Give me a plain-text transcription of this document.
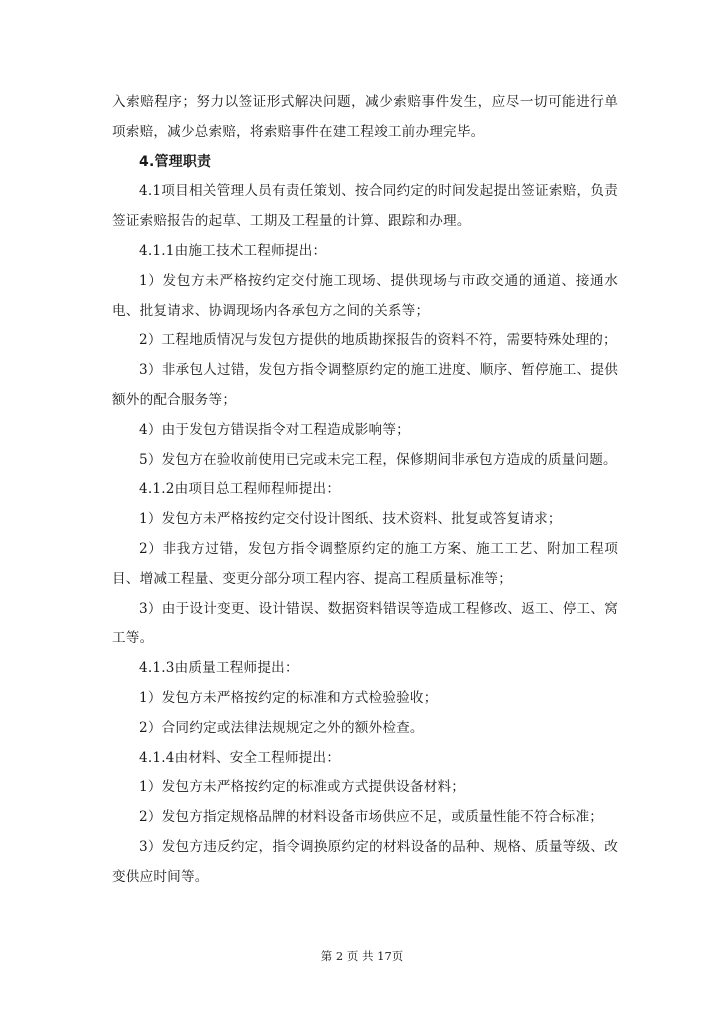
入索赔程序；努力以签证形式解决问题，减少索赔事件发生，应尽一切可能进行单项索赔，减少总索赔，将索赔事件在建工程竣工前办理完毕。

4.管理职责

4.1项目相关管理人员有责任策划、按合同约定的时间发起提出签证索赔，负责签证索赔报告的起草、工期及工程量的计算、跟踪和办理。

4.1.1由施工技术工程师提出：

1）发包方未严格按约定交付施工现场、提供现场与市政交通的通道、接通水电、批复请求、协调现场内各承包方之间的关系等；

2）工程地质情况与发包方提供的地质勘探报告的资料不符，需要特殊处理的；

3）非承包人过错，发包方指令调整原约定的施工进度、顺序、暂停施工、提供额外的配合服务等；

4）由于发包方错误指令对工程造成影响等；

5）发包方在验收前使用已完或未完工程，保修期间非承包方造成的质量问题。

4.1.2由项目总工程师程师提出：

1）发包方未严格按约定交付设计图纸、技术资料、批复或答复请求；

2）非我方过错，发包方指令调整原约定的施工方案、施工工艺、附加工程项目、增减工程量、变更分部分项工程内容、提高工程质量标准等；

3）由于设计变更、设计错误、数据资料错误等造成工程修改、返工、停工、窝工等。

4.1.3由质量工程师提出：

1）发包方未严格按约定的标准和方式检验验收；

2）合同约定或法律法规规定之外的额外检查。

4.1.4由材料、安全工程师提出：

1）发包方未严格按约定的标准或方式提供设备材料；

2）发包方指定规格品牌的材料设备市场供应不足，或质量性能不符合标准；

3）发包方违反约定，指令调换原约定的材料设备的品种、规格、质量等级、改变供应时间等。

第 2 页 共 17页
